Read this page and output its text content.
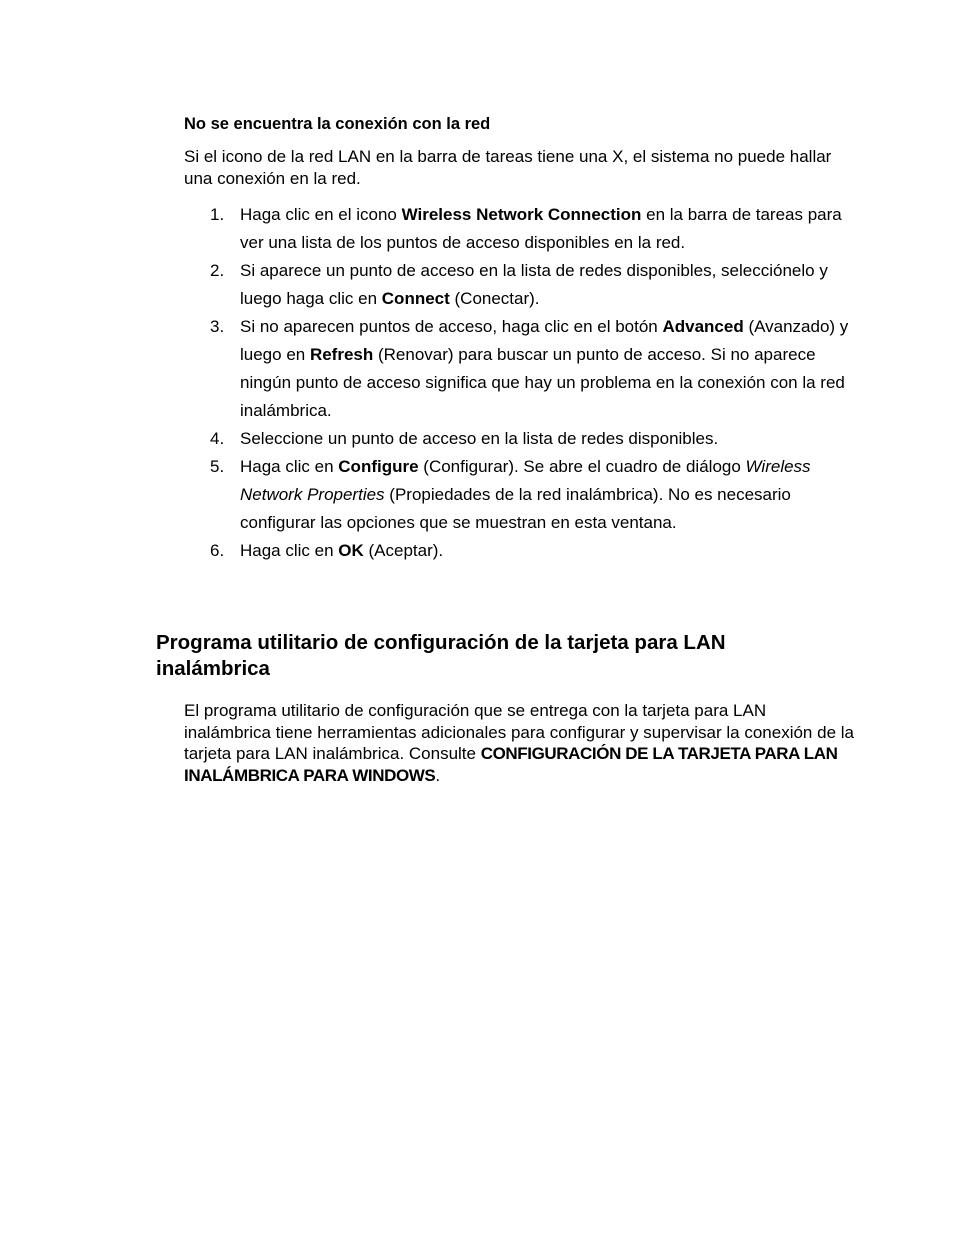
No se encuentra la conexión con la red

Si el icono de la red LAN en la barra de tareas tiene una X, el sistema no puede hallar una conexión en la red.

1. Haga clic en el icono Wireless Network Connection en la barra de tareas para ver una lista de los puntos de acceso disponibles en la red.
2. Si aparece un punto de acceso en la lista de redes disponibles, selecciónelo y luego haga clic en Connect (Conectar).
3. Si no aparecen puntos de acceso, haga clic en el botón Advanced (Avanzado) y luego en Refresh (Renovar) para buscar un punto de acceso. Si no aparece ningún punto de acceso significa que hay un problema en la conexión con la red inalámbrica.
4. Seleccione un punto de acceso en la lista de redes disponibles.
5. Haga clic en Configure (Configurar). Se abre el cuadro de diálogo Wireless Network Properties (Propiedades de la red inalámbrica). No es necesario configurar las opciones que se muestran en esta ventana.
6. Haga clic en OK (Aceptar).
Programa utilitario de configuración de la tarjeta para LAN inalámbrica

El programa utilitario de configuración que se entrega con la tarjeta para LAN inalámbrica tiene herramientas adicionales para configurar y supervisar la conexión de la tarjeta para LAN inalámbrica. Consulte CONFIGURACIÓN DE LA TARJETA PARA LAN INALÁMBRICA PARA WINDOWS.
